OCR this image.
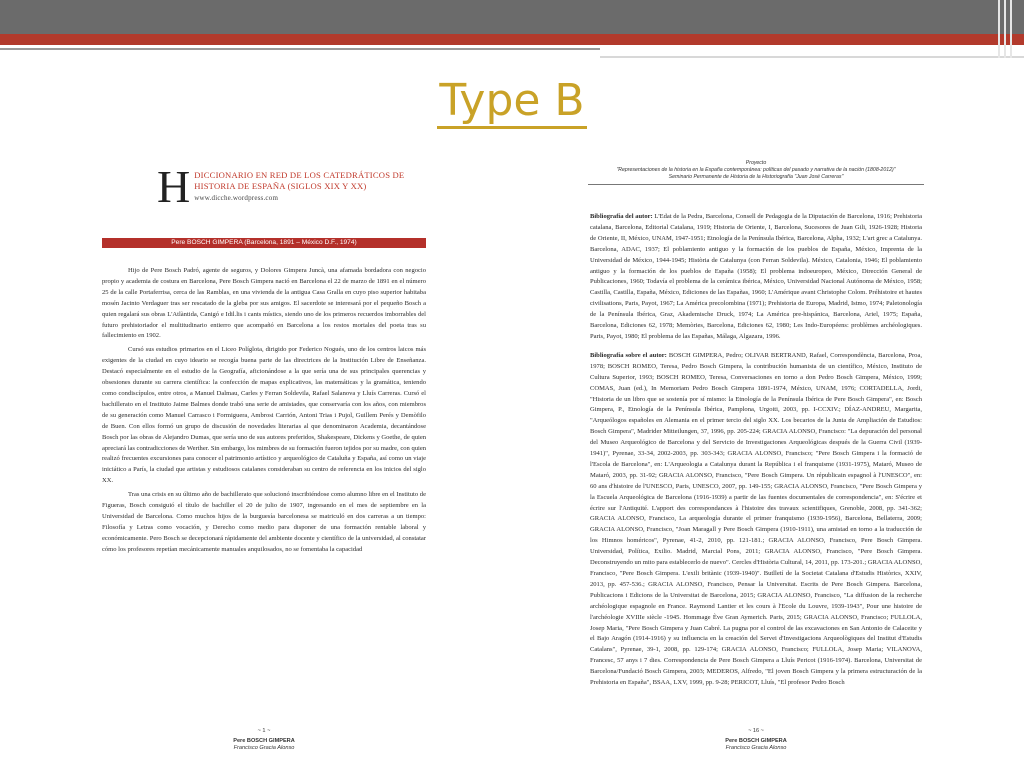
Type B
H DICCIONARIO EN RED DE LOS CATEDRÁTICOS DE
HISTORIA DE ESPAÑA (SIGLOS XIX Y XX)
www.dicche.wordpress.com
Pere BOSCH GIMPERA (Barcelona, 1891 – México D.F., 1974)

Hijo de Pere Bosch Padró, agente de seguros, y Dolores Gimpera Juncà, una afamada bordadora con negocio propio y academia de costura en Barcelona, Pere Bosch Gimpera nació en Barcelona el 22 de marzo de 1891 en el número 25 de la calle Portaferrisa, cerca de las Ramblas, en una vivienda de la antigua Casa Gralla en cuyo piso superior habitaba mosén Jacinto Verdaguer tras ser rescatado de la gleba por sus amigos. El sacerdote se interesará por el pequeño Bosch a quien regalará sus obras L'Atlàntida, Canigó e Idil.lis i cants místics, siendo uno de los primeros recuerdos imborrables del futuro prehistoriador el multitudinario entierro que acompañó en Barcelona a los restos mortales del poeta tras su fallecimiento en 1902.

Cursó sus estudios primarios en el Liceo Políglota, dirigido por Federico Nogués, uno de los centros laicos más exigentes de la ciudad en cuyo ideario se recogía buena parte de las directrices de la Institución Libre de Enseñanza. Destacó especialmente en el estudio de la Geografía, aficionándose a la que sería una de sus principales querencias y obsesiones durante su carrera científica: la confección de mapas explicativos, las matemáticas y la gramática, teniendo como condiscípulos, entre otros, a Manuel Dalmau, Carles y Ferran Soldevila, Rafael Salanova y Lluís Carreras. Cursó el bachillerato en el Instituto Jaime Balmes donde trabó una serie de amistades, que conservaría con los años, con miembros de su generación como Manuel Carrasco i Formiguera, Ambrosi Carrión, Antoni Trias i Pujol, Guillem Perés y Demòfilo de Buen. Con ellos formó un grupo de discusión de novedades literarias al que denominaron Academia, decantándose Bosch por las obras de Alejandro Dumas, que sería uno de sus autores preferidos, Shakespeare, Dickens y Goethe, de quien apreciará las contradicciones de Werther. Sin embargo, los mimbres de su formación fueron tejidos por su madre, con quien realizó frecuentes excursiones para conocer el patrimonio artístico y arqueológico de Cataluña y España, así como un viaje iniciático a París, la ciudad que artistas y estudiosos catalanes consideraban su centro de referencia en los inicios del siglo XX.

Tras una crisis en su último año de bachillerato que solucionó inscribiéndose como alumno libre en el Instituto de Figueras, Bosch consiguió el título de bachiller el 20 de julio de 1907, ingresando en el mes de septiembre en la Universidad de Barcelona. Como muchos hijos de la burguesía barcelonesa se matriculó en dos carreras a un tiempo: Filosofía y Letras como vocación, y Derecho como medio para disponer de una formación rentable laboral y económicamente. Pero Bosch se decepcionará rápidamente del ambiente docente y científico de la universidad, al constatar cómo los profesores repetían mecánicamente manuales anquilosados, no se fomentaba la capacidad

~ 1 ~
Pere BOSCH GIMPERA
Francisco Gracia Alonso
Proyecto
"Representaciones de la historia en la España contemporánea: políticas del pasado y narrativa de la nación (1808-2012)"
Seminario Permanente de Historia de la Historiografía "Juan José Carreras"

Bibliografía del autor: L'Edat de la Pedra, Barcelona, Consell de Pedagogia de la Diputación de Barcelona, 1916; Prehistoria catalana, Barcelona, Editorial Catalana, 1919; Historia de Oriente, I, Barcelona, Sucesores de Juan Gili, 1926-1928; Historia de Oriente, II, México, UNAM, 1947-1951; Etnología de la Península Ibérica, Barcelona, Alpha, 1932; L'art grec a Catalunya. Barcelona, ADAC, 1937; El poblamiento antiguo y la formación de los pueblos de España, México, Imprenta de la Universidad de México, 1944-1945; Història de Catalunya (con Ferran Soldevila). México, Catalonia, 1946; El poblamiento antiguo y la formación de los pueblos de España (1958); El problema indoeuropeo, México, Dirección General de Publicaciones, 1960; Todavía el problema de la cerámica ibérica, México, Universidad Nacional Autónoma de México, 1958; Castilla, Castilla, España, México, Ediciones de las Españas, 1960; L'Amérique avant Christophe Colom. Préhistoire et hautes civilisations, Paris, Payot, 1967; La América precolombina (1971); Prehistoria de Europa, Madrid, Istmo, 1974; Paletonología de la Península Ibérica, Graz, Akademische Druck, 1974; La América pre-hispánica, Barcelona, Ariel, 1975; España, Barcelona, Ediciones 62, 1978; Memòries, Barcelona, Ediciones 62, 1980; Les Indo-Européens: problèmes archéologiques. Paris, Payot, 1980; El problema de las Españas, Málaga, Algazara, 1996.

Bibliografía sobre el autor: BOSCH GIMPERA, Pedro; OLIVAR BERTRAND, Rafael, Correspondència, Barcelona, Proa, 1978; BOSCH ROMEO, Teresa, Pedro Bosch Gimpera, la contribución humanista de un científico, México, Instituto de Cultura Superior, 1993; BOSCH ROMEO, Teresa, Conversaciones en torno a don Pedro Bosch Gimpera, México, 1999; COMAS, Juan (ed.), In Memoriam Pedro Bosch Gimpera 1891-1974, México, UNAM, 1976; CORTADELLA, Jordi, "Historia de un libro que se sostenía por sí mismo: la Etnología de la Península Ibérica de Pere Bosch Gimpera", en: Bosch Gimpera, P., Etnología de la Península Ibérica, Pamplona, Urgoiti, 2003, pp. I-CCXIV.; DÍAZ-ANDREU, Margarita, "Arqueólogos españoles en Alemania en el primer tercio del siglo XX. Los becarios de la Junta de Ampliación de Estudios: Bosch Gimpera", Madrider Mitteilungen, 37, 1996, pp. 205-224; GRACIA ALONSO, Francisco: "La depuración del personal del Museo Arqueológico de Barcelona y del Servicio de Investigaciones Arqueológicas después de la Guerra Civil (1939-1941)", Pyrenae, 33-34, 2002-2003, pp. 303-343; GRACIA ALONSO, Francisco; "Pere Bosch Gimpera i la formació de l'Escola de Barcelona", en: L'Arqueologia a Catalunya durant la República i el franquisme (1931-1975), Mataró, Museo de Mataró, 2003, pp. 31-92; GRACIA ALONSO, Francisco, "Pere Bosch Gimpera. Un républicain espagnol à l'UNESCO", en: 60 ans d'histoire de l'UNESCO, Paris, UNESCO, 2007, pp. 149-155; GRACIA ALONSO, Francisco, "Pere Bosch Gimpera y la Escuela Arqueológica de Barcelona (1916-1939) a partir de las fuentes documentales de correspondencia", en: S'écrire et écrire sur l'Antiquité. L'apport des correspondances à l'histoire des travaux scientifiques, Grenoble, 2008, pp. 341-362; GRACIA ALONSO, Francisco, La arqueología durante el primer franquismo (1939-1956), Barcelona, Bellaterra, 2009; GRACIA ALONSO, Francisco, "Joan Maragall y Pere Bosch Gimpera (1910-1911), una amistad en torno a la traducción de los Himnos homéricos", Pyrenae, 41-2, 2010, pp. 121-181.; GRACIA ALONSO, Francisco, Pere Bosch Gimpera. Universidad, Política, Exilio. Madrid, Marcial Pons, 2011; GRACIA ALONSO, Francisco, "Pere Bosch Gimpera. Deconstruyendo un mito para establecerlo de nuevo". Cercles d'Història Cultural, 14, 2011, pp. 173-201.; GRACIA ALONSO, Francisco, "Pere Bosch Gimpera. L'exili britànic (1939-1940)". Butlletí de la Societat Catalana d'Estudis Històrics, XXIV, 2013, pp. 457-536.; GRACIA ALONSO, Francisco, Pensar la Universitat. Escrits de Pere Bosch Gimpera. Barcelona, Publicacions i Edicions de la Universitat de Barcelona, 2015; GRACIA ALONSO, Francisco, "La diffusion de la recherche archéologique espagnole en France. Raymond Lantier et les cours à l'Ecole du Louvre, 1939-1943", Pour une histoire de l'archéologie XVIIIe siècle -1945. Hommage Ève Gran Aymerich. Paris, 2015; GRACIA ALONSO, Francisco; FULLOLA, Josep Maria, "Pere Bosch Gimpera y Juan Cabré. La pugna por el control de las excavaciones en San Antonio de Calaceite y el Bajo Aragón (1914-1916) y su influencia en la creación del Servei d'Investigacions Arqueològiques del Institut d'Estudis Catalans", Pyrenae, 39-1, 2008, pp. 129-174; GRACIA ALONSO, Francisco; FULLOLA, Josep Maria; VILANOVA, Francesc, 57 anys i 7 dies. Correspondencia de Pere Bosch Gimpera a Lluís Pericot (1916-1974). Barcelona, Universitat de Barcelona/Fundació Bosch Gimpera, 2003; MEDEROS, Alfredo, "El joven Bosch Gimpera y la primera estructuración de la Prehistoria en España", BSAA, LXV, 1999, pp. 9-28; PERICOT, Lluís, "El profesor Pedro Bosch

~ 16 ~
Pere BOSCH GIMPERA
Francisco Gracia Alonso
